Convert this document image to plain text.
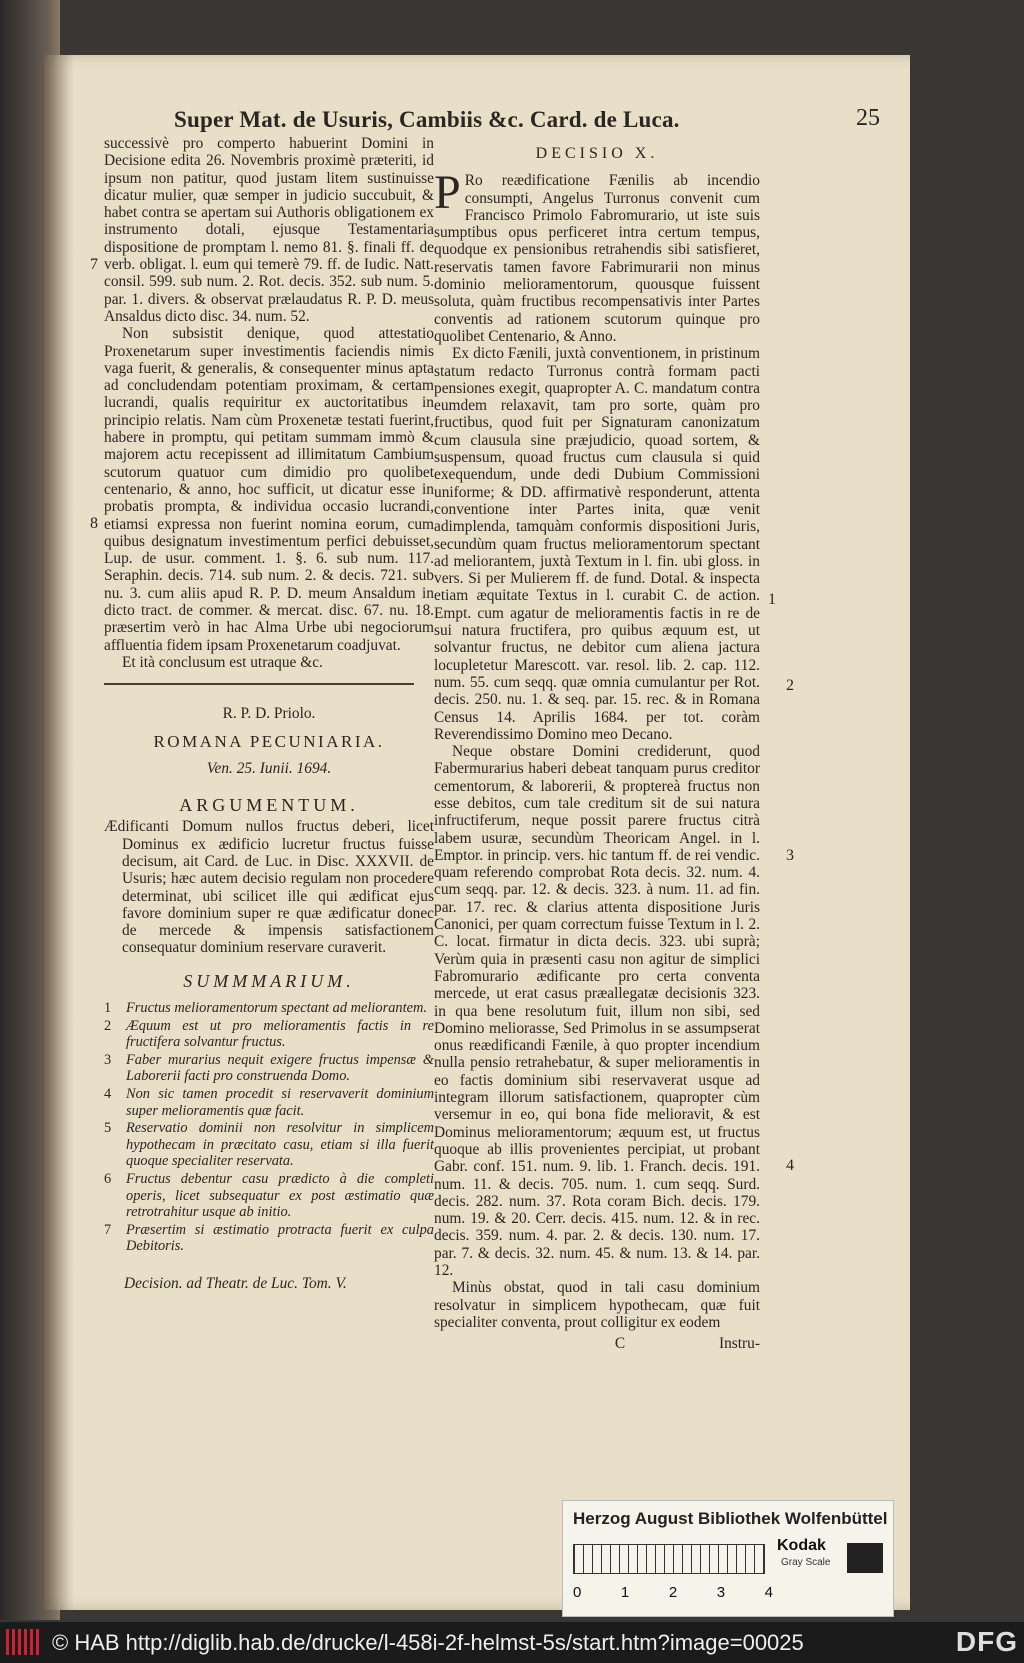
Super Mat. de Usuris, Cambiis &c. Card. de Luca.	25

successivè pro comperto habuerint Domini in Decisione edita 26. Novembris proximè præteriti, id ipsum non patitur, quod justam litem sustinuisse dicatur mulier, quæ semper in judicio succubuit, & habet contra se apertam sui Authoris obligationem ex instrumento dotali, ejusque Testamentaria dispositione de promptam l. nemo 81. §. finali ff. de verb. obligat. l. eum qui temerè 79. ff. de Iudic. Natt. consil. 599. sub num. 2. Rot. decis. 352. sub num. 5. par. 1. divers. & observat prælaudatus R. P. D. meus Ansaldus dicto disc. 34. num. 52.

Non subsistit denique, quod attestatio Proxenetarum super investimentis faciendis nimis vaga fuerit, & generalis, & consequenter minus apta ad concludendam potentiam proximam, & certam lucrandi, qualis requiritur ex auctoritatibus in principio relatis. Nam cùm Proxenetæ testati fuerint, habere in promptu, qui petitam summam immò & majorem actu recepissent ad illimitatum Cambium scutorum quatuor cum dimidio pro quolibet centenario, & anno, hoc sufficit, ut dicatur esse in probatis prompta, & individua occasio lucrandi, etiamsi expressa non fuerint nomina eorum, cum quibus designatum investimentum perfici debuisset, Lup. de usur. comment. 1. §. 6. sub num. 117. Seraphin. decis. 714. sub num. 2. & decis. 721. sub nu. 3. cum aliis apud R. P. D. meum Ansaldum in dicto tract. de commer. & mercat. disc. 67. nu. 18. præsertim verò in hac Alma Urbe ubi negociorum affluentia fidem ipsam Proxenetarum coadjuvat.

Et ità conclusum est utraque &c.

R. P. D. Priolo.
ROMANA PECUNIARIA.
Ven. 25. Iunii. 1694.
ARGUMENTUM.

Ædificanti Domum nullos fructus deberi, licet Dominus ex ædificio lucretur fructus fuisse decisum, ait Card. de Luc. in Disc. XXXVII. de Usuris; hæc autem decisio regulam non procedere determinat, ubi scilicet ille qui ædificat ejus favore dominium super re quæ ædificatur donec de mercede & impensis satisfactionem consequatur dominium reservare curaverit.

SUMMMARIUM.
1	Fructus melioramentorum spectant ad meliorantem.
2	Æquum est ut pro melioramentis factis in re fructifera solvantur fructus.
3	Faber murarius nequit exigere fructus impensæ & Laborerii facti pro construenda Domo.
4	Non sic tamen procedit si reservaverit dominium super melioramentis quæ facit.
5	Reservatio dominii non resolvitur in simplicem hypothecam in præcitato casu, etiam si illa fuerit quoque specialiter reservata.
6	Fructus debentur casu prædicto à die completi operis, licet subsequatur ex post æstimatio quæ retrotrahitur usque ab initio.
7	Præsertim si æstimatio protracta fuerit ex culpa Debitoris.
Decision. ad Theatr. de Luc. Tom. V.
DECISIO X.

P Ro reædificatione Fænilis ab incendio consumpti, Angelus Turronus convenit cum Francisco Primolo Fabromurario, ut iste suis sumptibus opus perficeret intra certum tempus, quodque ex pensionibus retrahendis sibi satisfieret, reservatis tamen favore Fabrimurarii non minus dominio melioramentorum, quousque fuissent soluta, quàm fructibus recompensativis inter Partes conventis ad rationem scutorum quinque pro quolibet Centenario, & Anno.

Ex dicto Fænili, juxtà conventionem, in pristinum statum redacto Turronus contrà formam pacti pensiones exegit, quapropter A. C. mandatum contra eumdem relaxavit, tam pro sorte, quàm pro fructibus, quod fuit per Signaturam canonizatum cum clausula sine præjudicio, quoad sortem, & suspensum, quoad fructus cum clausula si quid exequendum, unde dedi Dubium Commissioni uniforme; & DD. affirmativè responderunt, attenta conventione inter Partes inita, quæ venit adimplenda, tamquàm conformis dispositioni Juris, secundùm quam fructus melioramentorum spectant ad meliorantem, juxtà Textum in l. fin. ubi gloss. in vers. Si per Mulierem ff. de fund. Dotal. & inspecta etiam æquitate Textus in l. curabit C. de action. Empt. cum agatur de melioramentis factis in re de sui natura fructifera, pro quibus æquum est, ut solvantur fructus, ne debitor cum aliena jactura locupletetur Marescott. var. resol. lib. 2. cap. 112. num. 55. cum seqq. quæ omnia cumulantur per Rot. decis. 250. nu. 1. & seq. par. 15. rec. & in Romana Census 14. Aprilis 1684. per tot. coràm Reverendissimo Domino meo Decano.

Neque obstare Domini crediderunt, quod Fabermurarius haberi debeat tanquam purus creditor cementorum, & laborerii, & proptereà fructus non esse debitos, cum tale creditum sit de sui natura infructiferum, neque possit parere fructus citrà labem usuræ, secundùm Theoricam Angel. in l. Emptor. in princip. vers. hic tantum ff. de rei vendic. quam referendo comprobat Rota decis. 32. num. 4. cum seqq. par. 12. & decis. 323. à num. 11. ad fin. par. 17. rec. & clarius attenta dispositione Juris Canonici, per quam correctum fuisse Textum in l. 2. C. locat. firmatur in dicta decis. 323. ubi suprà; Verùm quia in præsenti casu non agitur de simplici Fabromurario ædificante pro certa conventa mercede, ut erat casus præallegatæ decisionis 323. in qua bene resolutum fuit, illum non sibi, sed Domino meliorasse, Sed Primolus in se assumpserat onus reædificandi Fænile, à quo propter incendium nulla pensio retrahebatur, & super melioramentis in eo factis dominium sibi reservaverat usque ad integram illorum satisfactionem, quapropter cùm versemur in eo, qui bona fide melioravit, & est Dominus melioramentorum; æquum est, ut fructus quoque ab illis provenientes percipiat, ut probant Gabr. conf. 151. num. 9. lib. 1. Franch. decis. 191. num. 11. & decis. 705. num. 1. cum seqq. Surd. decis. 282. num. 37. Rota coram Bich. decis. 179. num. 19. & 20. Cerr. decis. 415. num. 12. & in rec. decis. 359. num. 4. par. 2. & decis. 130. num. 17. par. 7. & decis. 32. num. 45. & num. 13. & 14. par. 12.

Minùs obstat, quod in tali casu dominium resolvatur in simplicem hypothecam, quæ fuit specialiter conventa, prout colligitur ex eodem

C	Instru-
7
8
1
2
3
4
Herzog August Bibliothek Wolfenbüttel
0	1	2	3	4
Kodak
Gray Scale
© HAB http://diglib.hab.de/drucke/l-458i-2f-helmst-5s/start.htm?image=00025	DFG
